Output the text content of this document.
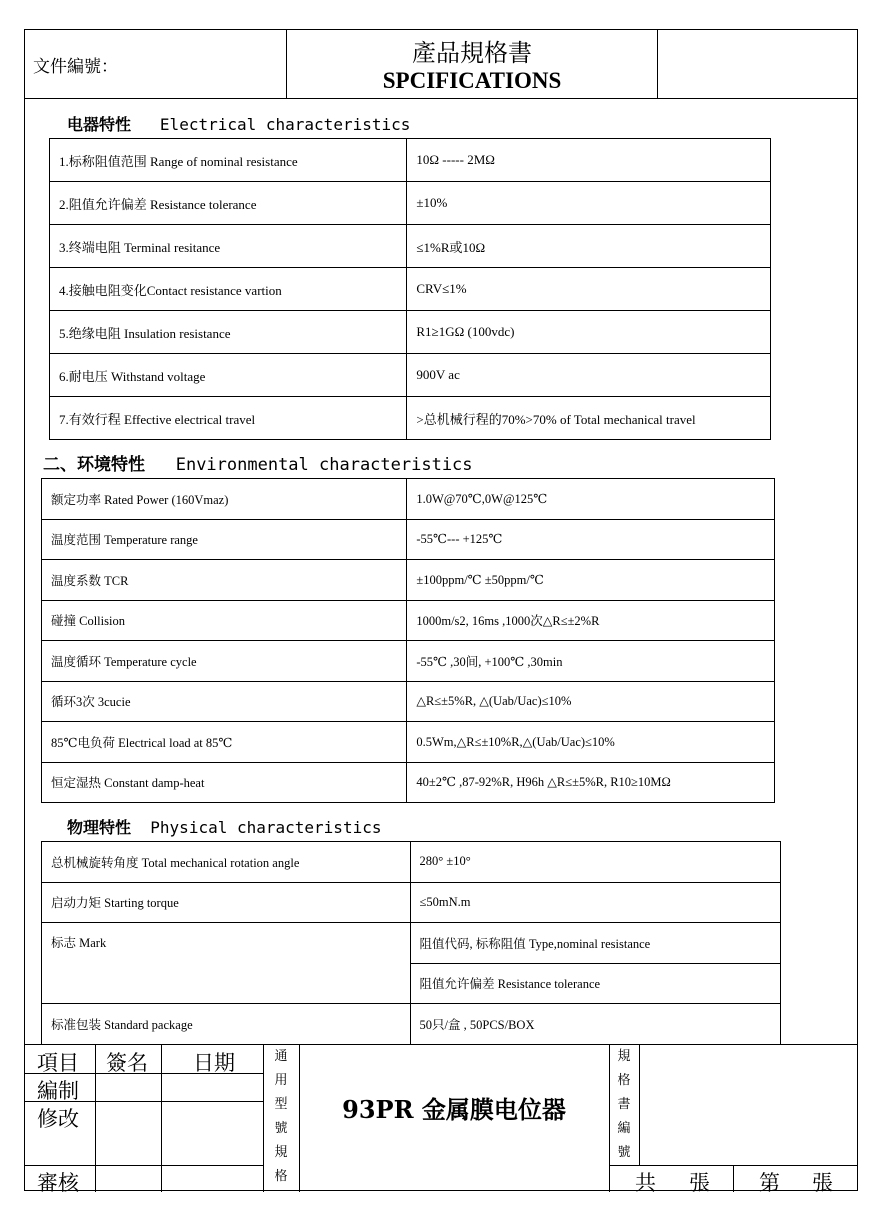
文件編號：	產品規格書
SPCIFICATIONS
电器特性 Electrical characteristics
1.标称阻值范围 Range of nominal resistance	10Ω ----- 2MΩ
2.阻值允许偏差 Resistance tolerance	±10%
3.终端电阻 Terminal resitance	≤1%R或10Ω
4.接触电阻变化Contact resistance vartion	CRV≤1%
5.绝缘电阻 Insulation resistance	R1≥1GΩ (100vdc)
6.耐电压 Withstand voltage	900V ac
7.有效行程 Effective electrical travel	>总机械行程的70%>70% of Total mechanical travel
二、环境特性 Environmental characteristics
额定功率 Rated Power (160Vmaz)	1.0W@70℃,0W@125℃
温度范围 Temperature range	-55℃--- +125℃
温度系数 TCR	±100ppm/℃ ±50ppm/℃
碰撞 Collision	1000m/s2, 16ms ,1000次△R≤±2%R
温度循环 Temperature cycle	-55℃ ,30间, +100℃ ,30min
循环3次 3cucie	△R≤±5%R, △(Uab/Uac)≤10%
85℃电负荷 Electrical load at 85℃	0.5Wm,△R≤±10%R,△(Uab/Uac)≤10%
恒定湿热 Constant damp-heat	40±2℃ ,87-92%R, H96h △R≤±5%R, R10≥10MΩ
物理特性 Physical characteristics
总机械旋转角度 Total mechanical rotation angle	280° ±10°
启动力矩 Starting torque	≤50mN.m
标志 Mark	阻值代码, 标称阻值 Type,nominal resistance
	阻值允许偏差 Resistance tolerance
标准包装 Standard package	50只/盒 , 50PCS/BOX
項目 簽名 日期
編制
修改
審核
通
用
型
號
規
格
93PR 金属膜电位器
規
格
書
編
號
共 張 第 張
